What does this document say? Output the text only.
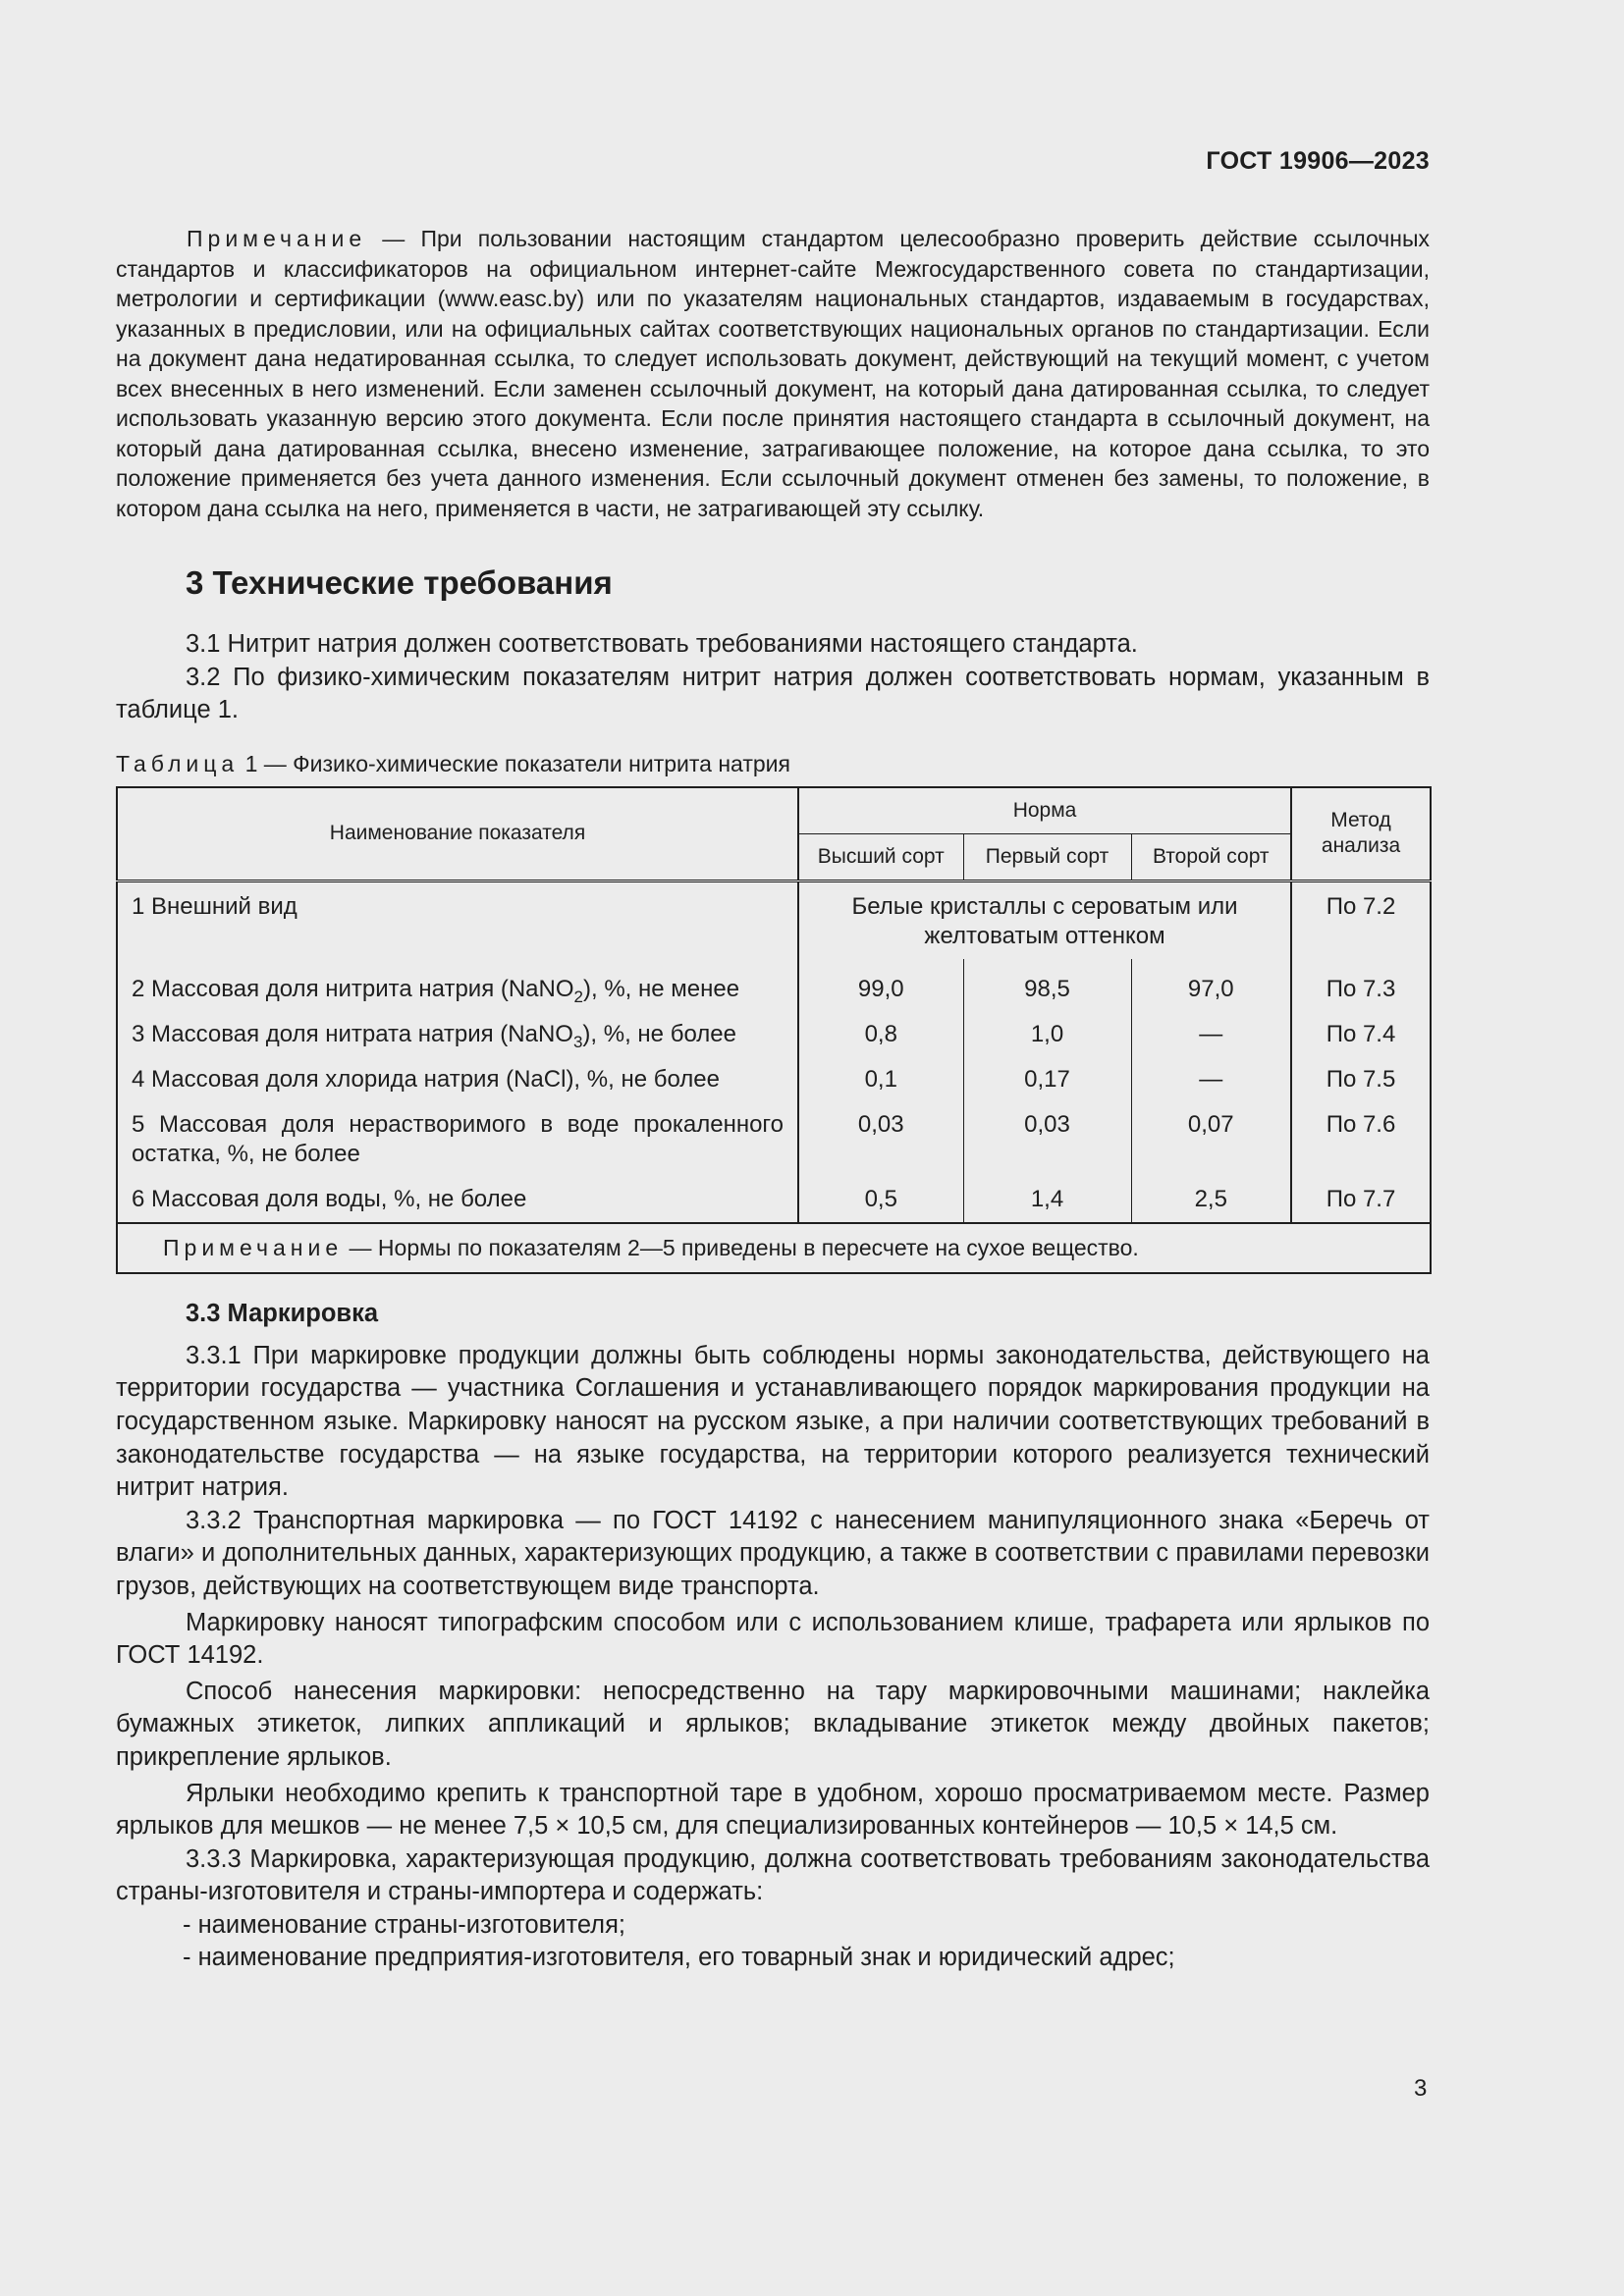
ГОСТ 19906—2023

Примечание — При пользовании настоящим стандартом целесообразно проверить действие ссылочных стандартов и классификаторов на официальном интернет-сайте Межгосударственного совета по стандартизации, метрологии и сертификации (www.easc.by) или по указателям национальных стандартов, издаваемым в государствах, указанных в предисловии, или на официальных сайтах соответствующих национальных органов по стандартизации. Если на документ дана недатированная ссылка, то следует использовать документ, действующий на текущий момент, с учетом всех внесенных в него изменений. Если заменен ссылочный документ, на который дана датированная ссылка, то следует использовать указанную версию этого документа. Если после принятия настоящего стандарта в ссылочный документ, на который дана датированная ссылка, внесено изменение, затрагивающее положение, на которое дана ссылка, то это положение применяется без учета данного изменения. Если ссылочный документ отменен без замены, то положение, в котором дана ссылка на него, применяется в части, не затрагивающей эту ссылку.

3 Технические требования

3.1 Нитрит натрия должен соответствовать требованиями настоящего стандарта.

3.2 По физико-химическим показателям нитрит натрия должен соответствовать нормам, указанным в таблице 1.

Таблица 1 — Физико-химические показатели нитрита натрия
Наименование показателя	Норма			Метод анализа
	Высший сорт	Первый сорт	Второй сорт	
1 Внешний вид	Белые кристаллы с сероватым или желтоватым оттенком			По 7.2
2 Массовая доля нитрита натрия (NaNO$_2$), %, не менее	99,0	98,5	97,0	По 7.3
3 Массовая доля нитрата натрия (NaNO$_3$), %, не более	0,8	1,0	—	По 7.4
4 Массовая доля хлорида натрия (NaCl), %, не более	0,1	0,17	—	По 7.5
5 Массовая доля нерастворимого в воде прокаленного остатка, %, не более	0,03	0,03	0,07	По 7.6
6 Массовая доля воды, %, не более	0,5	1,4	2,5	По 7.7
Примечание — Нормы по показателям 2—5 приведены в пересчете на сухое вещество.				
3.3 Маркировка

3.3.1 При маркировке продукции должны быть соблюдены нормы законодательства, действующего на территории государства — участника Соглашения и устанавливающего порядок маркирования продукции на государственном языке. Маркировку наносят на русском языке, а при наличии соответствующих требований в законодательстве государства — на языке государства, на территории которого реализуется технический нитрит натрия.

3.3.2 Транспортная маркировка — по ГОСТ 14192 с нанесением манипуляционного знака «Беречь от влаги» и дополнительных данных, характеризующих продукцию, а также в соответствии с правилами перевозки грузов, действующих на соответствующем виде транспорта.

Маркировку наносят типографским способом или с использованием клише, трафарета или ярлыков по ГОСТ 14192.

Способ нанесения маркировки: непосредственно на тару маркировочными машинами; наклейка бумажных этикеток, липких аппликаций и ярлыков; вкладывание этикеток между двойных пакетов; прикрепление ярлыков.

Ярлыки необходимо крепить к транспортной таре в удобном, хорошо просматриваемом месте. Размер ярлыков для мешков — не менее 7,5 × 10,5 см, для специализированных контейнеров — 10,5 × 14,5 см.

3.3.3 Маркировка, характеризующая продукцию, должна соответствовать требованиям законодательства страны-изготовителя и страны-импортера и содержать:

- наименование страны-изготовителя;
- наименование предприятия-изготовителя, его товарный знак и юридический адрес;
3
